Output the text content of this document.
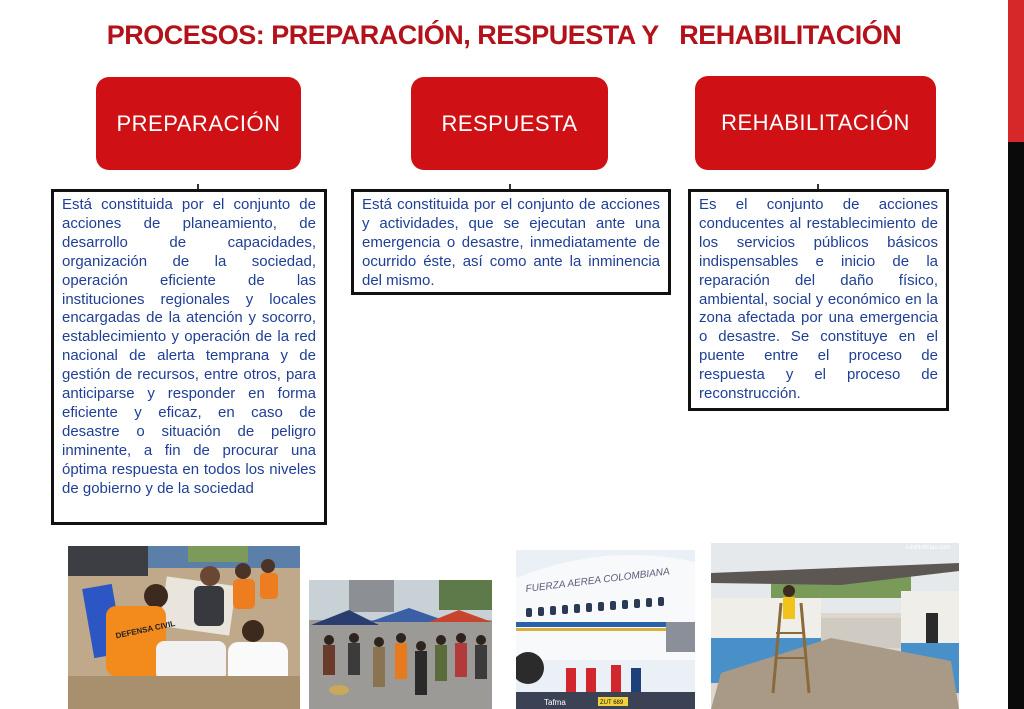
PROCESOS: PREPARACIÓN, RESPUESTA Y   REHABILITACIÓN
PREPARACIÓN	RESPUESTA	REHABILITACIÓN
Está constituida por el conjunto de acciones de planeamiento, de desarrollo de capacidades, organización de la sociedad, operación eficiente de las instituciones regionales y locales encargadas de la atención y socorro, establecimiento y operación de la red nacional de alerta temprana y de gestión de recursos, entre otros, para anticiparse y responder en forma eficiente y eficaz, en caso de desastre o situación de peligro inminente, a fin de procurar una óptima respuesta en todos los niveles de gobierno y de la sociedad
Está constituida por el conjunto de acciones y actividades, que se ejecutan ante una emergencia o desastre, inmediatamente de ocurrido éste, así como ante la inminencia del mismo.
Es el conjunto de acciones conducentes al restablecimiento de los servicios públicos básicos indispensables e inicio de la reparación del daño físico, ambiental, social y económico en la zona afectada por una emergencia o desastre. Se constituye en el puente entre el proceso de respuesta y el proceso de reconstrucción.
DEFENSA CIVIL
FUERZA AEREA COLOMBIANA
Tafma	ZUT 689
LeoNoticias.com
